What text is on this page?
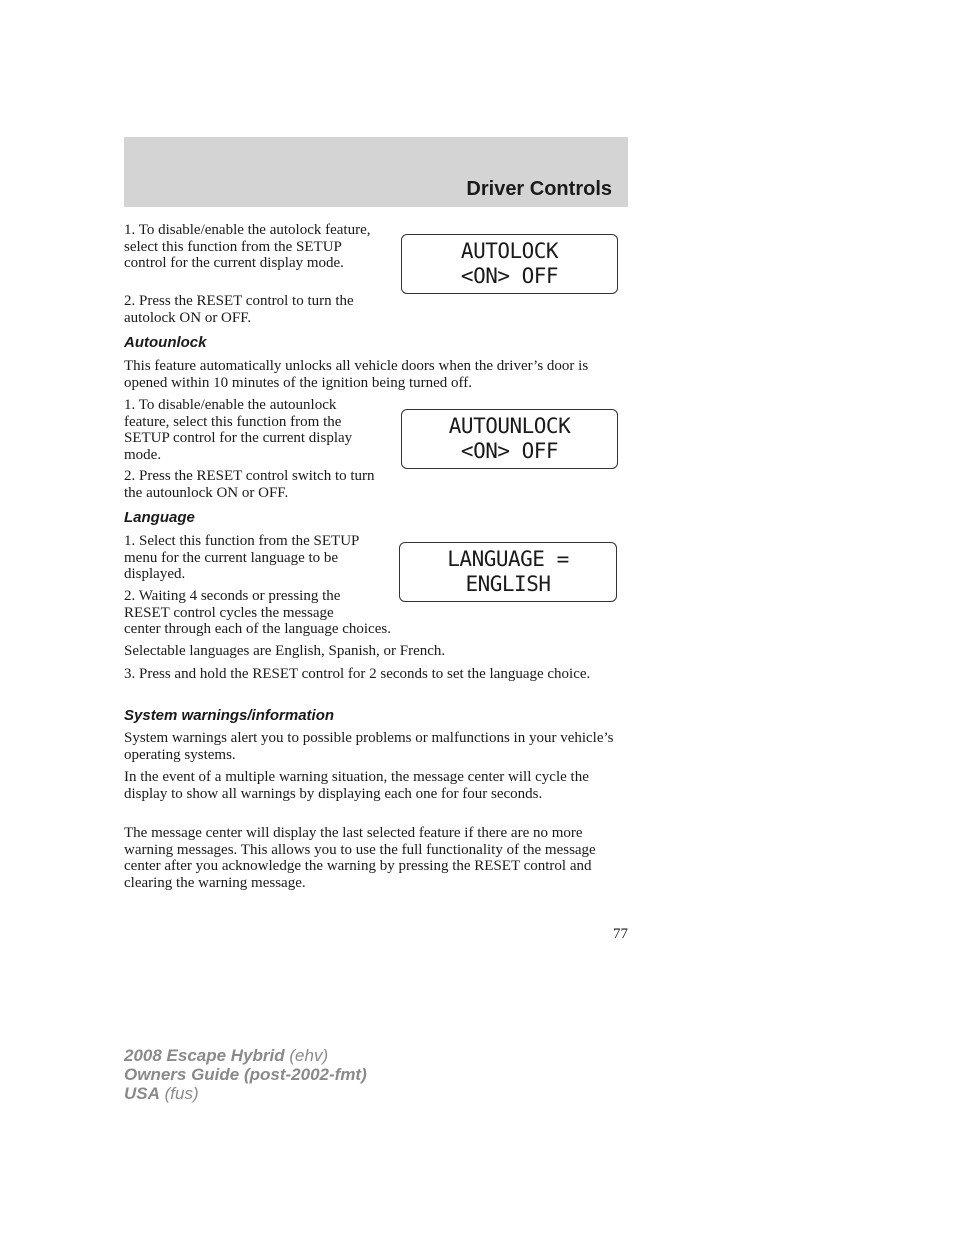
Driver Controls

1. To disable/enable the autolock feature, select this function from the SETUP control for the current display mode.

2. Press the RESET control to turn the autolock ON or OFF.

AUTOLOCK
<ON> OFF

Autounlock

This feature automatically unlocks all vehicle doors when the driver’s door is opened within 10 minutes of the ignition being turned off.

1. To disable/enable the autounlock feature, select this function from the SETUP control for the current display mode.

2. Press the RESET control switch to turn the autounlock ON or OFF.

AUTOUNLOCK
<ON> OFF

Language

1. Select this function from the SETUP menu for the current language to be displayed.

2. Waiting 4 seconds or pressing the RESET control cycles the message

center through each of the language choices.

Selectable languages are English, Spanish, or French.

3. Press and hold the RESET control for 2 seconds to set the language choice.

LANGUAGE =
ENGLISH

System warnings/information

System warnings alert you to possible problems or malfunctions in your vehicle’s operating systems.

In the event of a multiple warning situation, the message center will cycle the display to show all warnings by displaying each one for four seconds.

The message center will display the last selected feature if there are no more warning messages. This allows you to use the full functionality of the message center after you acknowledge the warning by pressing the RESET control and clearing the warning message.

77
2008 Escape Hybrid (ehv)
Owners Guide (post-2002-fmt)
USA (fus)
